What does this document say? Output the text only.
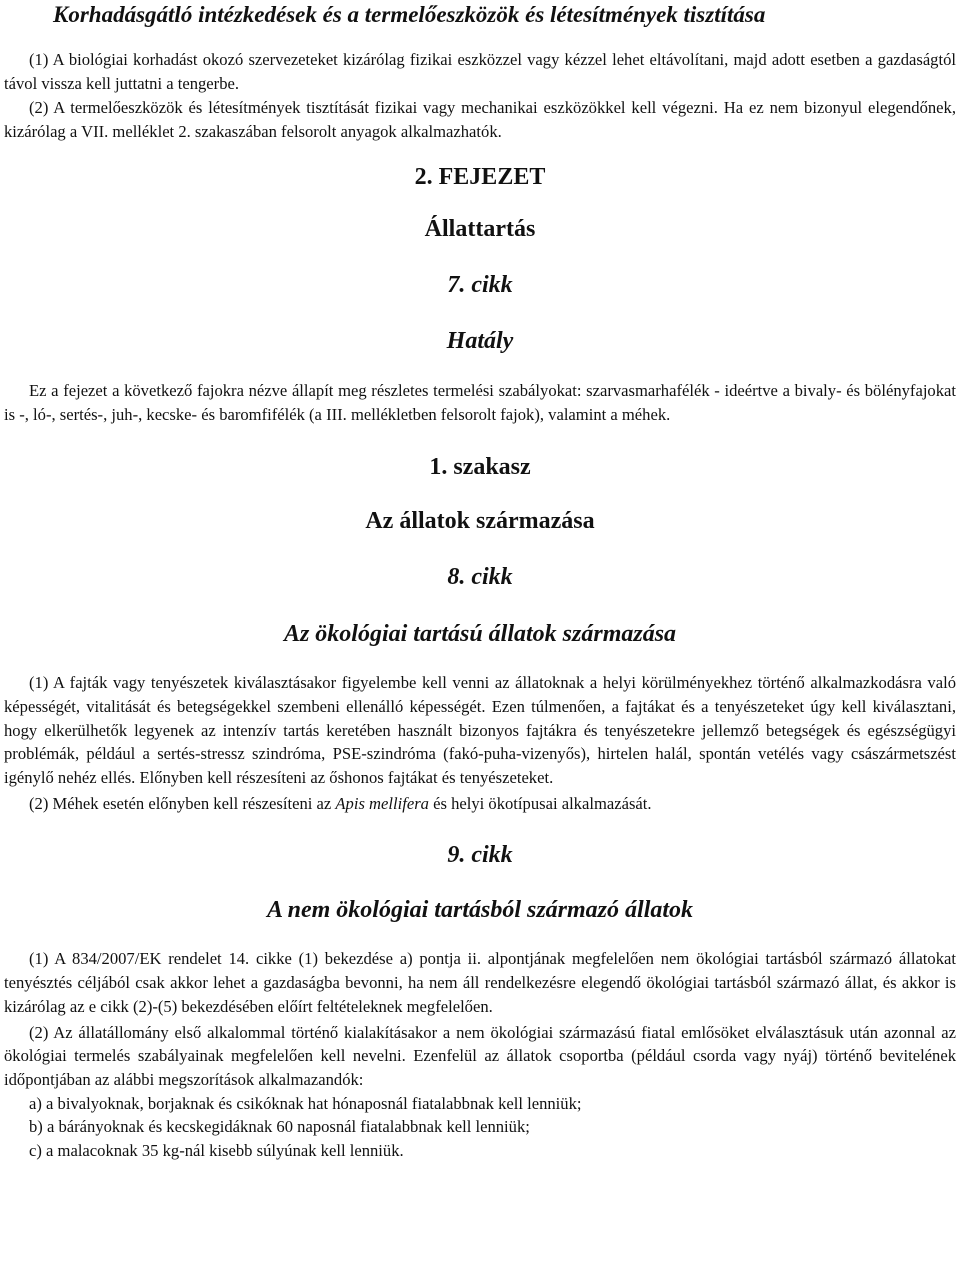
Korhadásgátló intézkedések és a termelőeszközök és létesítmények tisztítása

(1) A biológiai korhadást okozó szervezeteket kizárólag fizikai eszközzel vagy kézzel lehet eltávolítani, majd adott esetben a gazdaságtól távol vissza kell juttatni a tengerbe.

(2) A termelőeszközök és létesítmények tisztítását fizikai vagy mechanikai eszközökkel kell végezni. Ha ez nem bizonyul elegendőnek, kizárólag a VII. melléklet 2. szakaszában felsorolt anyagok alkalmazhatók.

2. FEJEZET
Állattartás
7. cikk
Hatály

Ez a fejezet a következő fajokra nézve állapít meg részletes termelési szabályokat: szarvasmarhafélék - ideértve a bivaly- és bölényfajokat is -, ló-, sertés-, juh-, kecske- és baromfifélék (a III. mellékletben felsorolt fajok), valamint a méhek.

1. szakasz
Az állatok származása
8. cikk
Az ökológiai tartású állatok származása

(1) A fajták vagy tenyészetek kiválasztásakor figyelembe kell venni az állatoknak a helyi körülményekhez történő alkalmazkodásra való képességét, vitalitását és betegségekkel szembeni ellenálló képességét. Ezen túlmenően, a fajtákat és a tenyészeteket úgy kell kiválasztani, hogy elkerülhetők legyenek az intenzív tartás keretében használt bizonyos fajtákra és tenyészetekre jellemző betegségek és egészségügyi problémák, például a sertés-stressz szindróma, PSE-szindróma (fakó-puha-vizenyős), hirtelen halál, spontán vetélés vagy császármetszést igénylő nehéz ellés. Előnyben kell részesíteni az őshonos fajtákat és tenyészeteket.

(2) Méhek esetén előnyben kell részesíteni az Apis mellifera és helyi ökotípusai alkalmazását.

9. cikk
A nem ökológiai tartásból származó állatok

(1) A 834/2007/EK rendelet 14. cikke (1) bekezdése a) pontja ii. alpontjának megfelelően nem ökológiai tartásból származó állatokat tenyésztés céljából csak akkor lehet a gazdaságba bevonni, ha nem áll rendelkezésre elegendő ökológiai tartásból származó állat, és akkor is kizárólag az e cikk (2)-(5) bekezdésében előírt feltételeknek megfelelően.

(2) Az állatállomány első alkalommal történő kialakításakor a nem ökológiai származású fiatal emlősöket elválasztásuk után azonnal az ökológiai termelés szabályainak megfelelően kell nevelni. Ezenfelül az állatok csoportba (például csorda vagy nyáj) történő bevitelének időpontjában az alábbi megszorítások alkalmazandók:

a) a bivalyoknak, borjaknak és csikóknak hat hónaposnál fiatalabbnak kell lenniük;

b) a bárányoknak és kecskegidáknak 60 naposnál fiatalabbnak kell lenniük;

c) a malacoknak 35 kg-nál kisebb súlyúnak kell lenniük.
